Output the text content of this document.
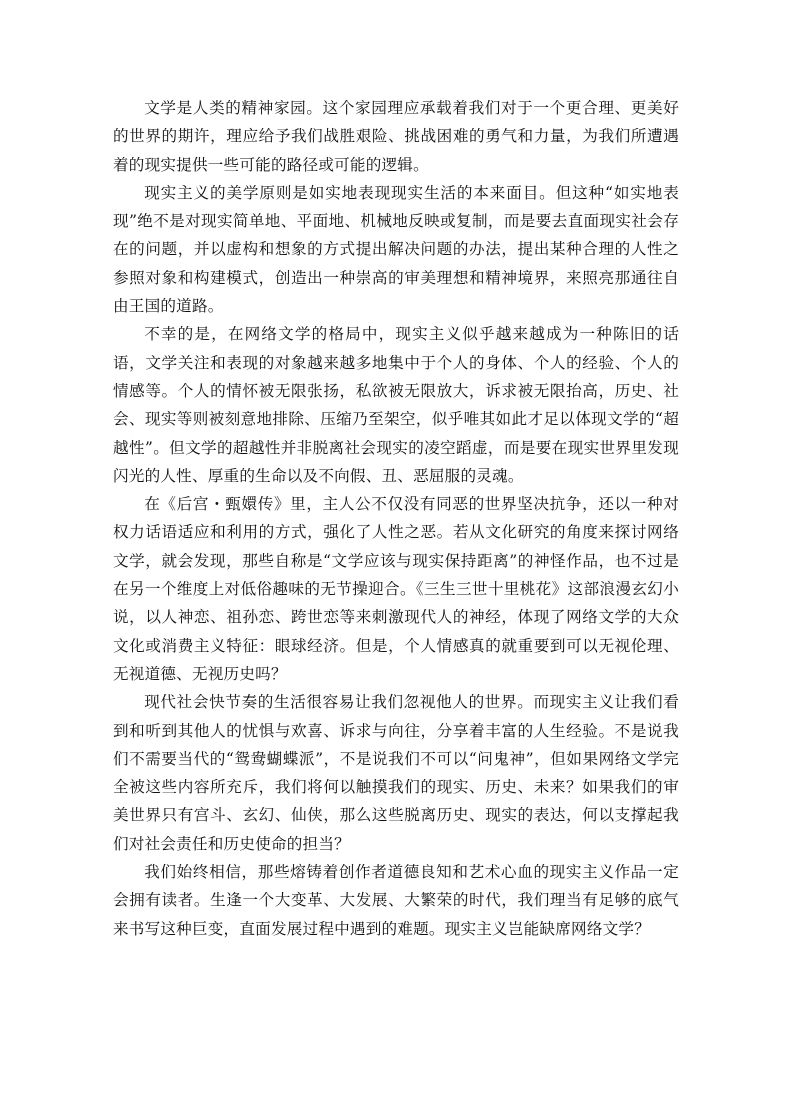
文学是人类的精神家园。这个家园理应承载着我们对于一个更合理、更美好的世界的期许，理应给予我们战胜艰险、挑战困难的勇气和力量，为我们所遭遇着的现实提供一些可能的路径或可能的逻辑。

现实主义的美学原则是如实地表现现实生活的本来面目。但这种“如实地表现”绝不是对现实简单地、平面地、机械地反映或复制，而是要去直面现实社会存在的问题，并以虚构和想象的方式提出解决问题的办法，提出某种合理的人性之参照对象和构建模式，创造出一种崇高的审美理想和精神境界，来照亮那通往自由王国的道路。

不幸的是，在网络文学的格局中，现实主义似乎越来越成为一种陈旧的话语，文学关注和表现的对象越来越多地集中于个人的身体、个人的经验、个人的情感等。个人的情怀被无限张扬，私欲被无限放大，诉求被无限抬高，历史、社会、现实等则被刻意地排除、压缩乃至架空，似乎唯其如此才足以体现文学的“超越性”。但文学的超越性并非脱离社会现实的凌空蹈虚，而是要在现实世界里发现闪光的人性、厚重的生命以及不向假、丑、恶屈服的灵魂。

在《后宫・甄嬛传》里，主人公不仅没有同恶的世界坚决抗争，还以一种对权力话语适应和利用的方式，强化了人性之恶。若从文化研究的角度来探讨网络文学，就会发现，那些自称是“文学应该与现实保持距离”的神怪作品，也不过是在另一个维度上对低俗趣味的无节操迎合。《三生三世十里桃花》这部浪漫玄幻小说，以人神恋、祖孙恋、跨世恋等来刺激现代人的神经，体现了网络文学的大众文化或消费主义特征：眼球经济。但是，个人情感真的就重要到可以无视伦理、无视道德、无视历史吗？

现代社会快节奏的生活很容易让我们忽视他人的世界。而现实主义让我们看到和听到其他人的忧惧与欢喜、诉求与向往，分享着丰富的人生经验。不是说我们不需要当代的“鸳鸯蝴蝶派”，不是说我们不可以“问鬼神”，但如果网络文学完全被这些内容所充斥，我们将何以触摸我们的现实、历史、未来？如果我们的审美世界只有宫斗、玄幻、仙侠，那么这些脱离历史、现实的表达，何以支撑起我们对社会责任和历史使命的担当？

我们始终相信，那些熔铸着创作者道德良知和艺术心血的现实主义作品一定会拥有读者。生逢一个大变革、大发展、大繁荣的时代，我们理当有足够的底气来书写这种巨变，直面发展过程中遇到的难题。现实主义岂能缺席网络文学？
